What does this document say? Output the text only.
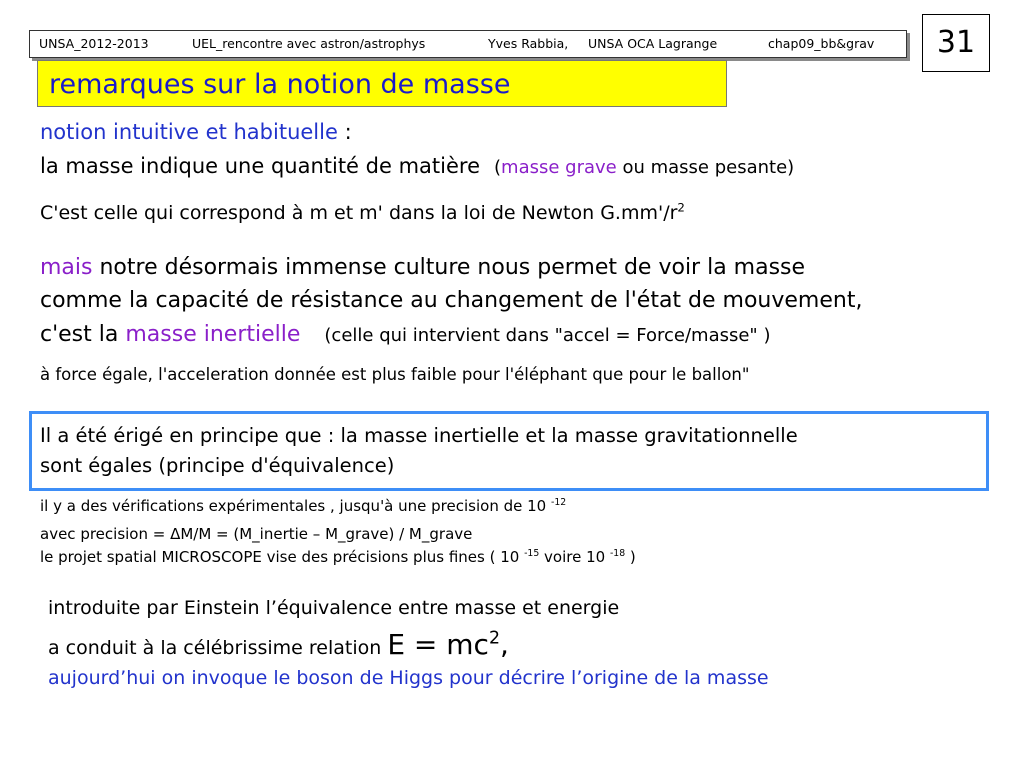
UNSA_2012-2013

	UEL_rencontre avec astron/astrophys

	Yves Rabbia,

UNSA OCA Lagrange

	chap09_bb&grav	31
remarques sur la notion de masse
notion intuitive et habituelle :
la masse indique une quantité de matière (masse grave ou masse pesante)
C'est celle qui correspond à m et m' dans la loi de Newton $G.mm'/r^2$
mais notre désormais immense culture nous permet de voir la masse
comme la capacité de résistance au changement de l'état de mouvement,
c'est la masse inertielle (celle qui intervient dans "accel = Force/masse" )
à force égale, l'acceleration donnée est plus faible pour l'éléphant que pour le ballon"
Il a été érigé en principe que : la masse inertielle et la masse gravitationnelle
sont égales (principe d'équivalence)
il y a des vérifications expérimentales , jusqu'à une precision de 10 $^{-12}$
avec precision = ΔM/M = (M_inertie – M_grave) / M_grave
le projet spatial MICROSCOPE vise des précisions plus fines ( 10 $^{-15}$ voire 10 $^{-18}$ )
introduite par Einstein l’équivalence entre masse et energie
a conduit à la célébrissime relation $E = mc^2$,
aujourd’hui on invoque le boson de Higgs pour décrire l’origine de la masse
